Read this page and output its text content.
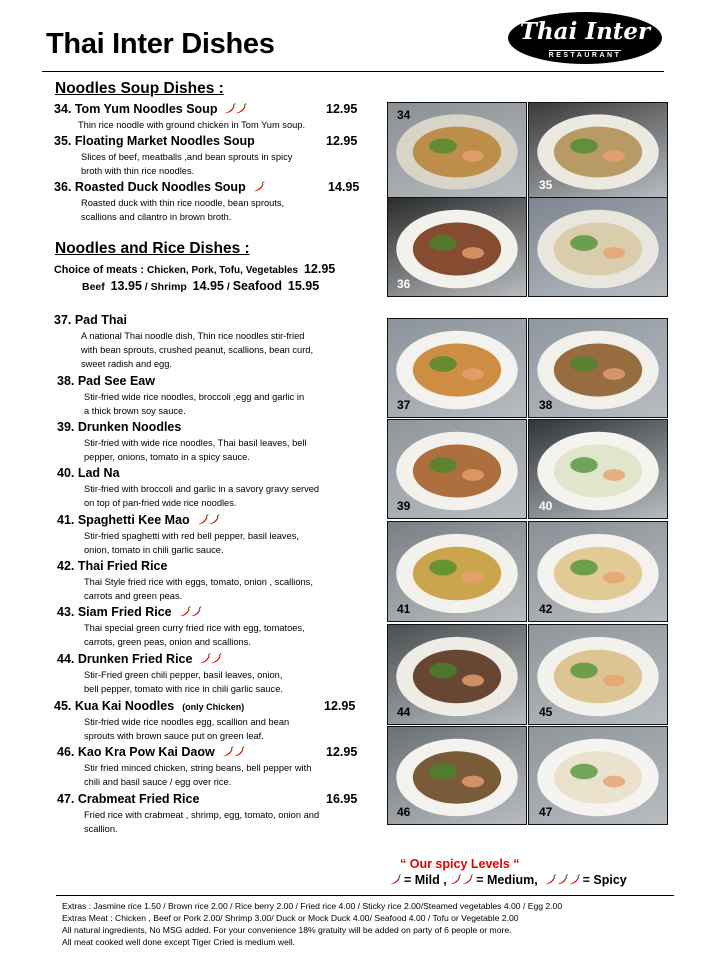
Thai Inter Dishes	Thai Inter
RESTAURANT
Noodles Soup Dishes :
Noodles and Rice Dishes :
Choice of meats : Chicken, Pork, Tofu, Vegetables 12.95
Beef 13.95 / Shrimp 14.95 / Seafood 15.95
34. Tom Yum Noodles Soup	12.95
Thin rice noodle with ground chicken in Tom Yum soup.
35. Floating Market Noodles Soup	12.95
Slices of beef, meatballs ,and bean sprouts in spicy
broth with thin rice noodles.
36. Roasted Duck Noodles Soup	14.95
Roasted duck with thin rice noodle, bean sprouts,
scallions and cilantro in brown broth.
37. Pad Thai
A national Thai noodle dish, Thin rice noodles stir-fried
with bean sprouts, crushed peanut, scallions, bean curd,
sweet radish and egg.
38. Pad See Eaw
Stir-fried wide rice noodles, broccoli ,egg and garlic in
a thick brown soy sauce.
39. Drunken Noodles
Stir-fried with wide rice noodles, Thai basil leaves, bell
pepper, onions, tomato in a spicy sauce.
40. Lad Na
Stir-fried with broccoli and garlic in a savory gravy served
on top of pan-fried wide rice noodles.
41. Spaghetti Kee Mao
Stir-fried spaghetti with red bell pepper, basil leaves,
onion, tomato in chili garlic sauce.
42. Thai Fried Rice
Thai Style fried rice with eggs, tomato, onion , scallions,
carrots and green peas.
43. Siam Fried Rice
Thai special green curry fried rice with egg, tomatoes,
carrots, green peas, onion and scallions.
44. Drunken Fried Rice
Stir-Fried green chili pepper, basil leaves, onion,
bell pepper, tomato with rice in chili garlic sauce.
45. Kua Kai Noodles (only Chicken)	12.95
Stir-fried wide rice noodles egg, scallion and bean
sprouts with brown sauce put on green leaf.
46. Kao Kra Pow Kai Daow	12.95
Stir fried minced chicken, string beans, bell pepper with
chili and basil sauce / egg over rice.
47. Crabmeat Fried Rice	16.95
Fried rice with crabmeat , shrimp, egg, tomato, onion and
scallion.
34
35
36
37	38
39	40
41	42
44	45
46	47
“ Our spicy Levels “
= Mild , = Medium,	= Spicy
Extras : Jasmine rice 1.50 / Brown rice 2.00 / Rice berry 2.00 / Fried rice 4.00 / Sticky rice 2.00/Steamed vegetables 4.00 / Egg 2.00
Extras Meat : Chicken , Beef or Pork 2.00/ Shrimp 3.00/ Duck or Mock Duck 4.00/ Seafood 4.00 / Tofu or Vegetable 2.00
All natural ingredients, No MSG added. For your convenience 18% gratuity will be added on party of 6 people or more.
All meat cooked well done except Tiger Cried is medium well.
